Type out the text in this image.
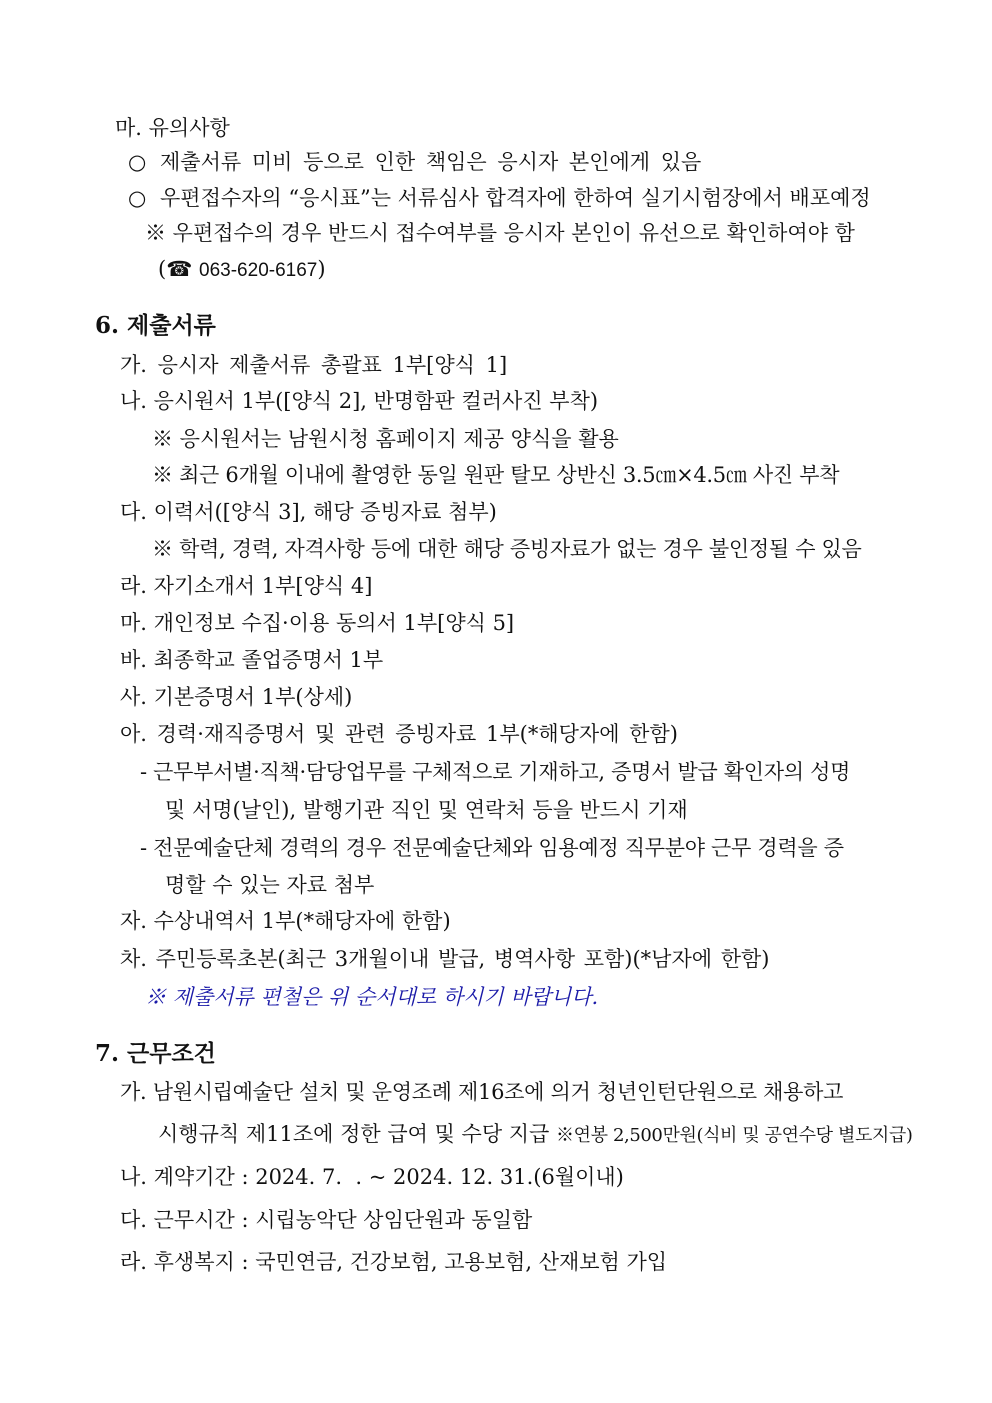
마. 유의사항
○ 제출서류 미비 등으로 인한 책임은 응시자 본인에게 있음
○ 우편접수자의 “응시표”는 서류심사 합격자에 한하여 실기시험장에서 배포예정
※ 우편접수의 경우 반드시 접수여부를 응시자 본인이 유선으로 확인하여야 함
(☎ 063-620-6167)
6. 제출서류
가. 응시자 제출서류 총괄표 1부[양식 1]
나. 응시원서 1부([양식 2], 반명함판 컬러사진 부착)
※ 응시원서는 남원시청 홈페이지 제공 양식을 활용
※ 최근 6개월 이내에 촬영한 동일 원판 탈모 상반신 3.5㎝×4.5㎝ 사진 부착
다. 이력서([양식 3], 해당 증빙자료 첨부)
※ 학력, 경력, 자격사항 등에 대한 해당 증빙자료가 없는 경우 불인정될 수 있음
라. 자기소개서 1부[양식 4]
마. 개인정보 수집·이용 동의서 1부[양식 5]
바. 최종학교 졸업증명서 1부
사. 기본증명서 1부(상세)
아. 경력·재직증명서 및 관련 증빙자료 1부(*해당자에 한함)
- 근무부서별·직책·담당업무를 구체적으로 기재하고, 증명서 발급 확인자의 성명
및 서명(날인), 발행기관 직인 및 연락처 등을 반드시 기재
- 전문예술단체 경력의 경우 전문예술단체와 임용예정 직무분야 근무 경력을 증
명할 수 있는 자료 첨부
자. 수상내역서 1부(*해당자에 한함)
차. 주민등록초본(최근 3개월이내 발급, 병역사항 포함)(*남자에 한함)
※ 제출서류 편철은 위 순서대로 하시기 바랍니다.
7. 근무조건
가. 남원시립예술단 설치 및 운영조례 제16조에 의거 청년인턴단원으로 채용하고
시행규칙 제11조에 정한 급여 및 수당 지급 ※연봉 2,500만원(식비 및 공연수당 별도지급)
나. 계약기간 : 2024. 7.  . ~ 2024. 12. 31.(6월이내)
다. 근무시간 : 시립농악단 상임단원과 동일함
라. 후생복지 : 국민연금, 건강보험, 고용보험, 산재보험 가입
